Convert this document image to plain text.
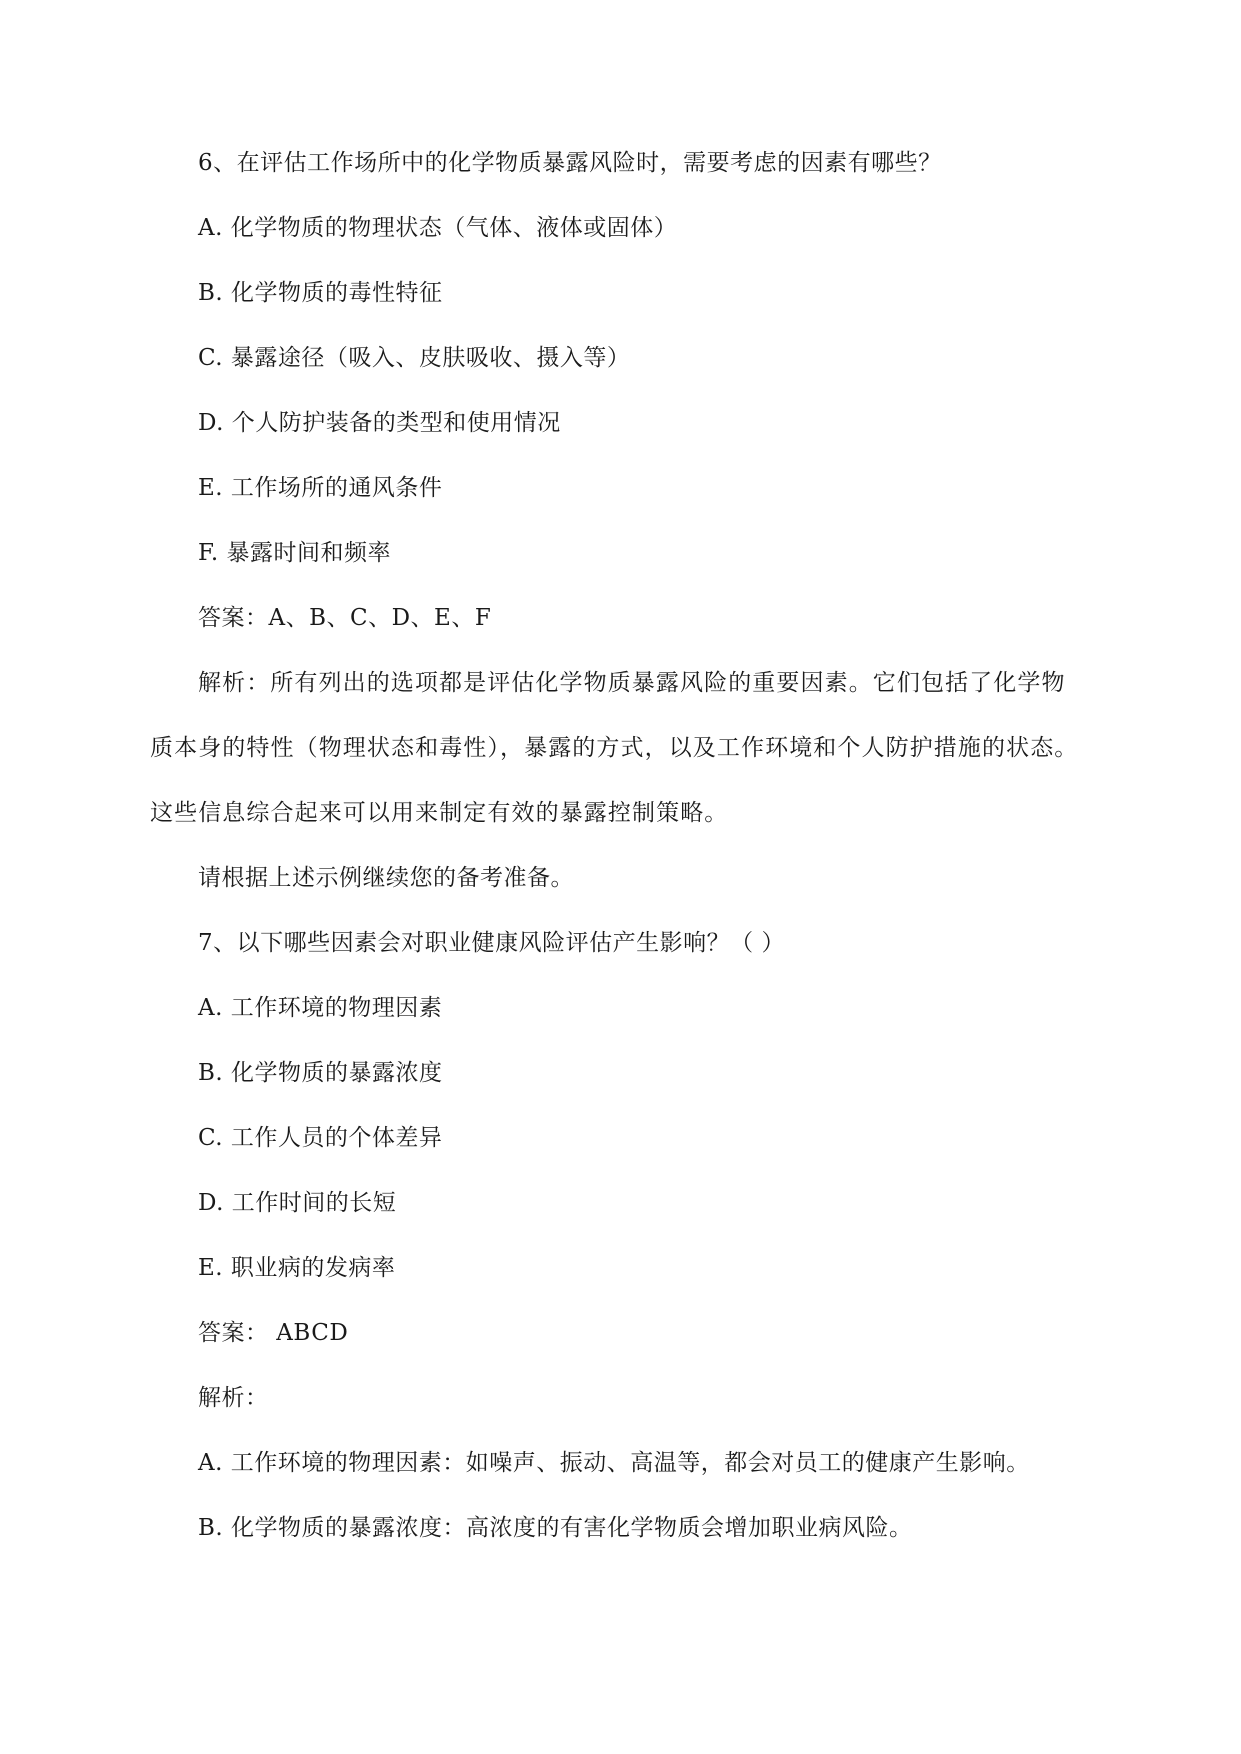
6、在评估工作场所中的化学物质暴露风险时，需要考虑的因素有哪些？
A. 化学物质的物理状态（气体、液体或固体）
B. 化学物质的毒性特征
C. 暴露途径（吸入、皮肤吸收、摄入等）
D. 个人防护装备的类型和使用情况
E. 工作场所的通风条件
F. 暴露时间和频率
答案：A、B、C、D、E、F
解析：所有列出的选项都是评估化学物质暴露风险的重要因素。它们包括了化学物
质本身的特性（物理状态和毒性），暴露的方式，以及工作环境和个人防护措施的状态。
这些信息综合起来可以用来制定有效的暴露控制策略。
请根据上述示例继续您的备考准备。
7、以下哪些因素会对职业健康风险评估产生影响？（ ）
A. 工作环境的物理因素
B. 化学物质的暴露浓度
C. 工作人员的个体差异
D. 工作时间的长短
E. 职业病的发病率
答案： ABCD
解析：
A. 工作环境的物理因素：如噪声、振动、高温等，都会对员工的健康产生影响。
B. 化学物质的暴露浓度：高浓度的有害化学物质会增加职业病风险。
